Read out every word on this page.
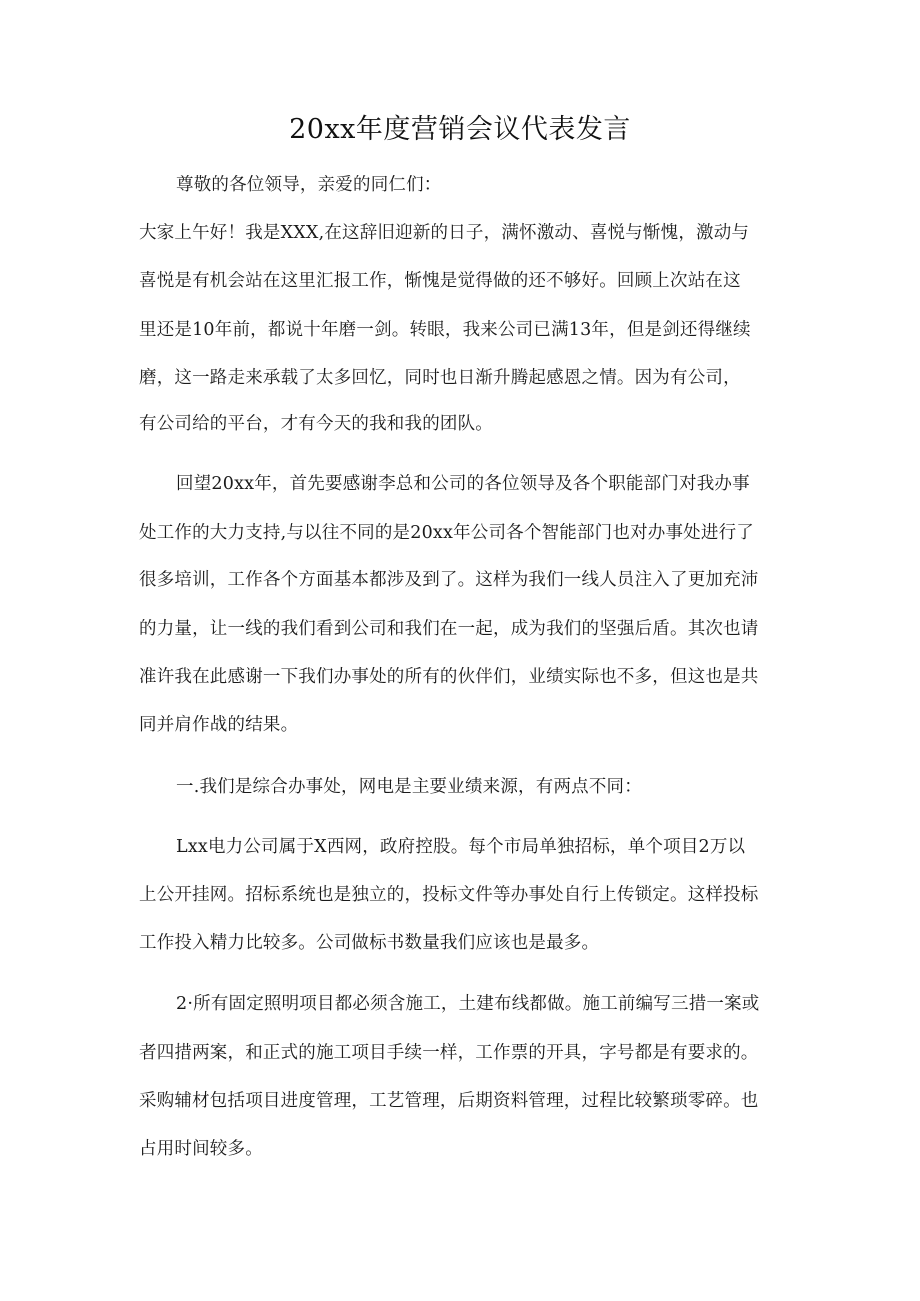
20xx年度营销会议代表发言
尊敬的各位领导，亲爱的同仁们：
大家上午好！我是XXX,在这辞旧迎新的日子，满怀激动、喜悦与惭愧，激动与
喜悦是有机会站在这里汇报工作，惭愧是觉得做的还不够好。回顾上次站在这
里还是10年前，都说十年磨一剑。转眼，我来公司已满13年，但是剑还得继续
磨，这一路走来承载了太多回忆，同时也日渐升腾起感恩之情。因为有公司，
有公司给的平台，才有今天的我和我的团队。
回望20xx年，首先要感谢李总和公司的各位领导及各个职能部门对我办事
处工作的大力支持,与以往不同的是20xx年公司各个智能部门也对办事处进行了
很多培训，工作各个方面基本都涉及到了。这样为我们一线人员注入了更加充沛
的力量，让一线的我们看到公司和我们在一起，成为我们的坚强后盾。其次也请
准许我在此感谢一下我们办事处的所有的伙伴们，业绩实际也不多，但这也是共
同并肩作战的结果。
一.我们是综合办事处，网电是主要业绩来源，有两点不同：
Lxx电力公司属于X西网，政府控股。每个市局单独招标，单个项目2万以
上公开挂网。招标系统也是独立的，投标文件等办事处自行上传锁定。这样投标
工作投入精力比较多。公司做标书数量我们应该也是最多。
2·所有固定照明项目都必须含施工，土建布线都做。施工前编写三措一案或
者四措两案，和正式的施工项目手续一样，工作票的开具，字号都是有要求的。
采购辅材包括项目进度管理，工艺管理，后期资料管理，过程比较繁琐零碎。也
占用时间较多。
